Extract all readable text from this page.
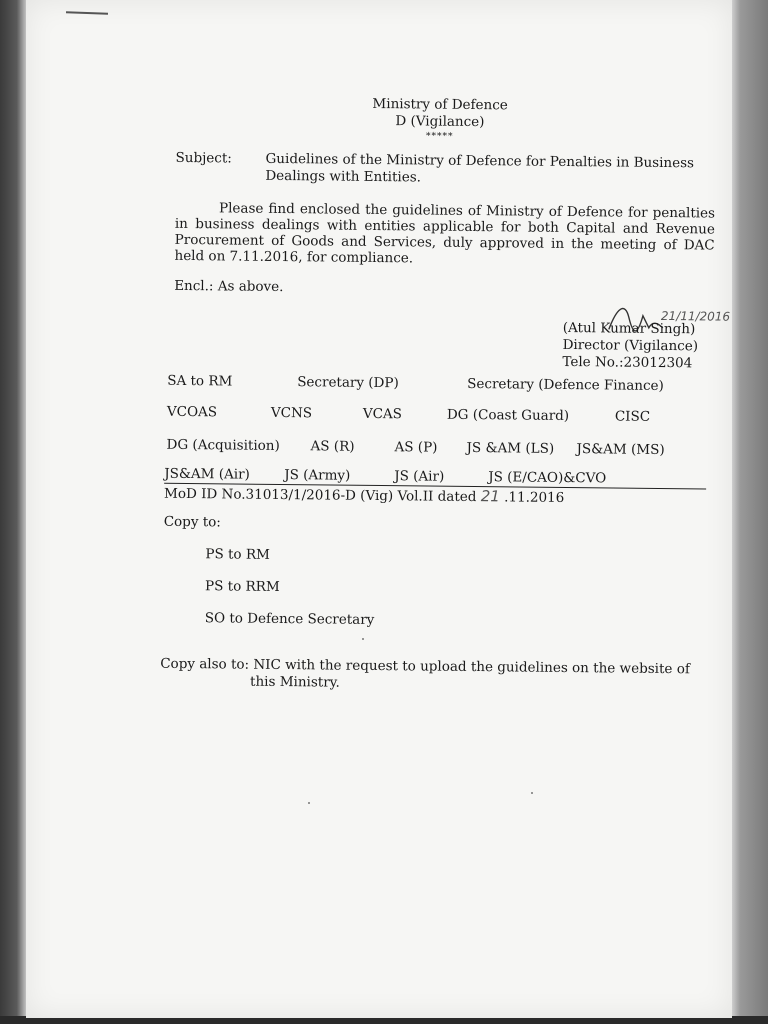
Ministry of Defence
D (Vigilance)
*****
Subject: Guidelines of the Ministry of Defence for Penalties in Business Dealings with Entities.
Please find enclosed the guidelines of Ministry of Defence for penalties in business dealings with entities applicable for both Capital and Revenue Procurement of Goods and Services, duly approved in the meeting of DAC held on 7.11.2016, for compliance.
Encl.: As above.
21/11/2016
(Atul Kumar Singh)
Director (Vigilance)
Tele No.:23012304
SA to RM	Secretary (DP)	Secretary (Defence Finance)
VCOAS	VCNS	VCAS	DG (Coast Guard)	CISC
DG (Acquisition) AS (R)	AS (P) JS &AM (LS) JS&AM (MS)
JS&AM (Air)	JS (Army)	JS (Air)	JS (E/CAO)&CVO
MoD ID No.31013/1/2016-D (Vig) Vol.II dated 21 .11.2016
Copy to:
PS to RM
PS to RRM
SO to Defence Secretary
Copy also to: NIC with the request to upload the guidelines on the website of
this Ministry.
